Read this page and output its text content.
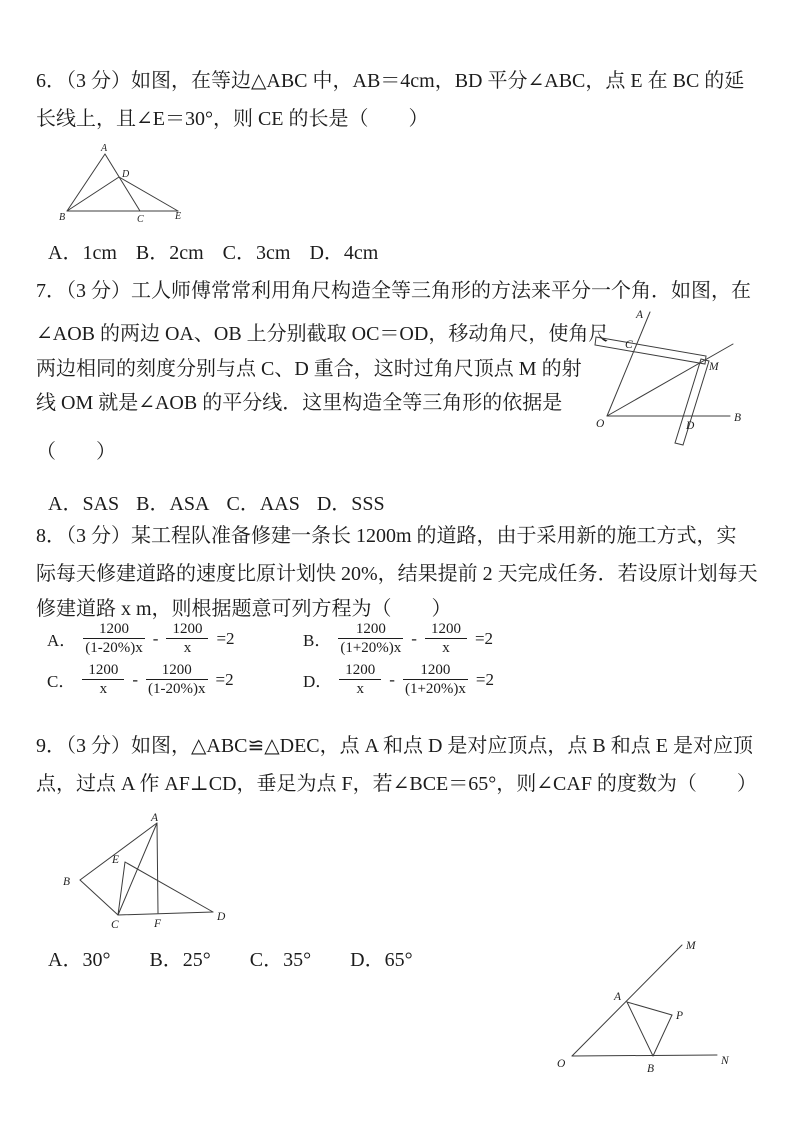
6．（3 分）如图，在等边△ABC 中，AB＝4cm，BD 平分∠ABC，点 E 在 BC 的延
长线上，且∠E＝30°，则 CE 的长是（　　）
A
B	C
D
E
A．1cm B．2cm C．3cm D．4cm
7．（3 分）工人师傅常常利用角尺构造全等三角形的方法来平分一个角．如图，在
∠AOB 的两边 OA、OB 上分别截取 OC＝OD，移动角尺，使角尺
两边相同的刻度分别与点 C、D 重合，这时过角尺顶点 M 的射
线 OM 就是∠AOB 的平分线．这里构造全等三角形的依据是
（　　）
A
B
C
D
M
O
A．SAS B．ASA C．AAS D．SSS
8．（3 分）某工程队准备修建一条长 1200m 的道路，由于采用新的施工方式，实
际每天修建道路的速度比原计划快 20%，结果提前 2 天完成任务．若设原计划每天
修建道路 x m，则根据题意可列方程为（　　）
A． $\frac{1200}{(1-20\%)x} - \frac{1200}{x} =2$	B． $\frac{1200}{(1+20\%)x} - \frac{1200}{x} =2$
C． $\frac{1200}{x} - \frac{1200}{(1-20\%)x} =2$	D． $\frac{1200}{x} - \frac{1200}{(1+20\%)x} =2$
9．（3 分）如图，△ABC≌△DEC，点 A 和点 D 是对应顶点，点 B 和点 E 是对应顶
点，过点 A 作 AF⊥CD，垂足为点 F，若∠BCE＝65°，则∠CAF 的度数为（　　）
A
B
C
D
E
F
A．30° B．25° C．35° D．65°
M
N
O
A
B
P
